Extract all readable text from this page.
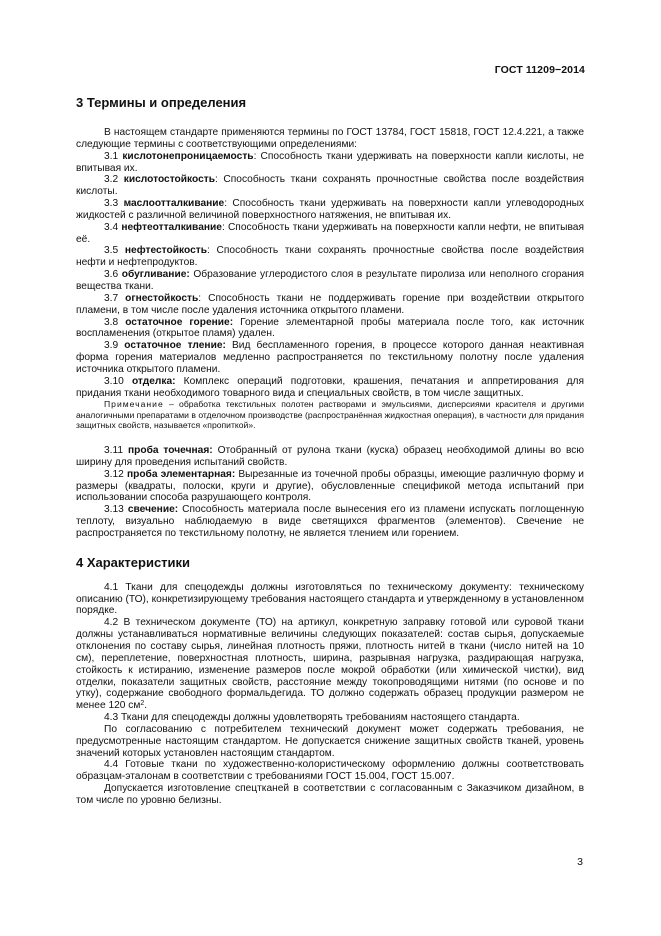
ГОСТ 11209−2014
3 Термины и определения

В настоящем стандарте применяются термины по ГОСТ 13784, ГОСТ 15818, ГОСТ 12.4.221, а также следующие термины с соответствующими определениями:

3.1 кислотонепроницаемость: Способность ткани удерживать на поверхности капли кислоты, не впитывая их.

3.2 кислотостойкость: Способность ткани сохранять прочностные свойства после воздействия кислоты.

3.3 маслоотталкивание: Способность ткани удерживать на поверхности капли углеводородных жидкостей с различной величиной поверхностного натяжения, не впитывая их.

3.4 нефтеотталкивание: Способность ткани удерживать на поверхности капли нефти, не впитывая её.

3.5 нефтестойкость: Способность ткани сохранять прочностные свойства после воздействия нефти и нефтепродуктов.

3.6 обугливание: Образование углеродистого слоя в результате пиролиза или неполного сгорания вещества ткани.

3.7 огнестойкость: Способность ткани не поддерживать горение при воздействии открытого пламени, в том числе после удаления источника открытого пламени.

3.8 остаточное горение: Горение элементарной пробы материала после того, как источник воспламенения (открытое пламя) удален.

3.9 остаточное тление: Вид беспламенного горения, в процессе которого данная неактивная форма горения материалов медленно распространяется по текстильному полотну после удаления источника открытого пламени.

3.10 отделка: Комплекс операций подготовки, крашения, печатания и аппретирования для придания ткани необходимого товарного вида и специальных свойств, в том числе защитных.

Примечание – обработка текстильных полотен растворами и эмульсиями, дисперсиями красителя и другими аналогичными препаратами в отделочном производстве (распространённая жидкостная операция), в частности для придания защитных свойств, называется «пропиткой».

3.11 проба точечная: Отобранный от рулона ткани (куска) образец необходимой длины во всю ширину для проведения испытаний свойств.

3.12 проба элементарная: Вырезанные из точечной пробы образцы, имеющие различную форму и размеры (квадраты, полоски, круги и другие), обусловленные спецификой метода испытаний при использовании способа разрушающего контроля.

3.13 свечение: Способность материала после вынесения его из пламени испускать поглощенную теплоту, визуально наблюдаемую в виде светящихся фрагментов (элементов). Свечение не распространяется по текстильному полотну, не является тлением или горением.

4 Характеристики

4.1 Ткани для спецодежды должны изготовляться по техническому документу: техническому описанию (ТО), конкретизирующему требования настоящего стандарта и утвержденному в установленном порядке.

4.2 В техническом документе (ТО) на артикул, конкретную заправку готовой или суровой ткани должны устанавливаться нормативные величины следующих показателей: состав сырья, допускаемые отклонения по составу сырья, линейная плотность пряжи, плотность нитей в ткани (число нитей на 10 см), переплетение, поверхностная плотность, ширина, разрывная нагрузка, раздирающая нагрузка, стойкость к истиранию, изменение размеров после мокрой обработки (или химической чистки), вид отделки, показатели защитных свойств, расстояние между токопроводящими нитями (по основе и по утку), содержание свободного формальдегида. ТО должно содержать образец продукции размером не менее 120 $см^2$.

4.3 Ткани для спецодежды должны удовлетворять требованиям настоящего стандарта.

По согласованию с потребителем технический документ может содержать требования, не предусмотренные настоящим стандартом. Не допускается снижение защитных свойств тканей, уровень значений которых установлен настоящим стандартом.

4.4 Готовые ткани по художественно-колористическому оформлению должны соответствовать образцам-эталонам в соответствии с требованиями ГОСТ 15.004, ГОСТ 15.007.

Допускается изготовление спецтканей в соответствии с согласованным с Заказчиком дизайном, в том числе по уровню белизны.

3
